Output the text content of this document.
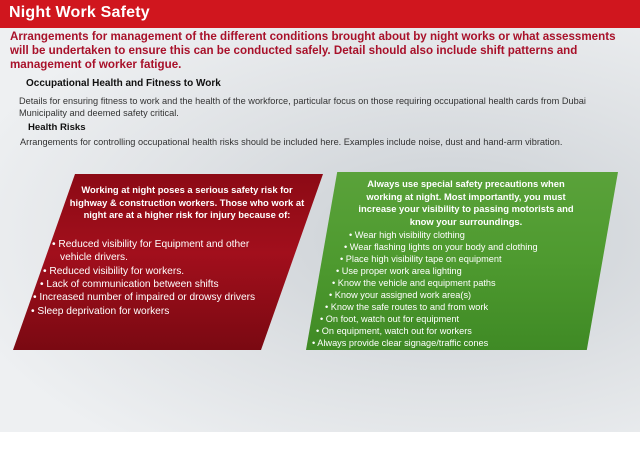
Night Work Safety
Arrangements for management of the different conditions brought about by night works or what assessments will be undertaken to ensure this can be conducted safely. Detail should also include shift patterns and management of worker fatigue.
Occupational Health and Fitness to Work
Details for ensuring fitness to work and the health of the workforce, particular focus on those requiring occupational health cards from Dubai Municipality and deemed safety critical.
Health Risks
Arrangements for controlling occupational health risks should be included here. Examples include noise, dust and hand-arm vibration.
Working at night poses a serious safety risk for highway & construction workers. Those who work at night are at a higher risk for injury because of:
• Reduced visibility for Equipment and other
vehicle drivers.
• Reduced visibility for workers.
• Lack of communication between shifts
• Increased number of impaired or drowsy drivers
• Sleep deprivation for workers
Always use special safety precautions when working at night. Most importantly, you must increase your visibility to passing motorists and know your surroundings.
• Wear high visibility clothing
• Wear flashing lights on your body and clothing
• Place high visibility tape on equipment
• Use proper work area lighting
• Know the vehicle and equipment paths
• Know your assigned work area(s)
• Know the safe routes to and from work
• On foot, watch out for equipment
• On equipment, watch out for workers
• Always provide clear signage/traffic cones
